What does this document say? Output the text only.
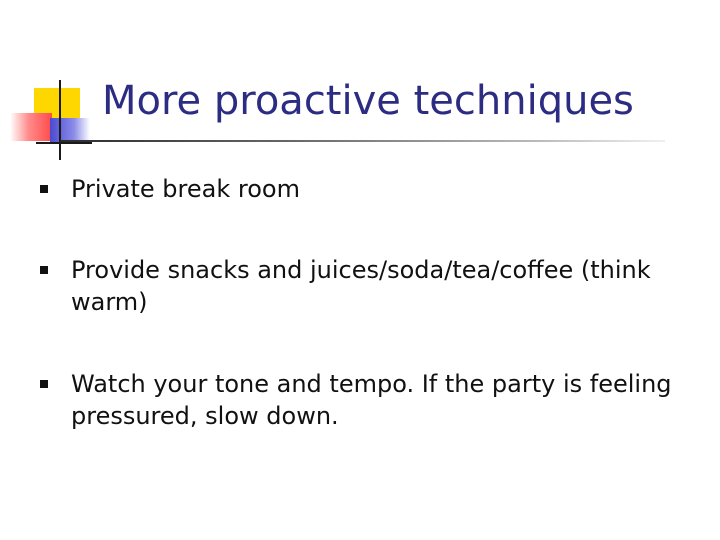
More proactive techniques
Private break room
Provide snacks and juices/soda/tea/coffee (think warm)
Watch your tone and tempo. If the party is feeling pressured, slow down.
